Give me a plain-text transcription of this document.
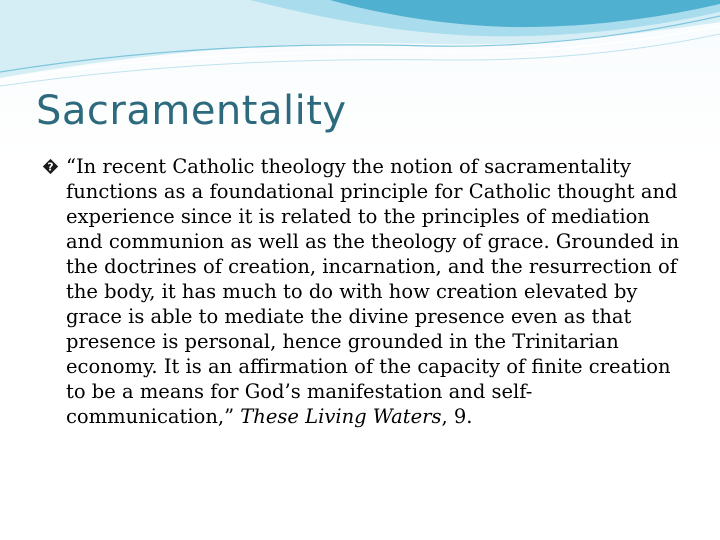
Sacramentality

? “In recent Catholic theology the notion of sacramentality functions as a foundational principle for Catholic thought and experience since it is related to the principles of mediation and communion as well as the theology of grace. Grounded in the doctrines of creation, incarnation, and the resurrection of the body, it has much to do with how creation elevated by grace is able to mediate the divine presence even as that presence is personal, hence grounded in the Trinitarian economy. It is an affirmation of the capacity of finite creation to be a means for God’s manifestation and self-communication,” These Living Waters, 9.
